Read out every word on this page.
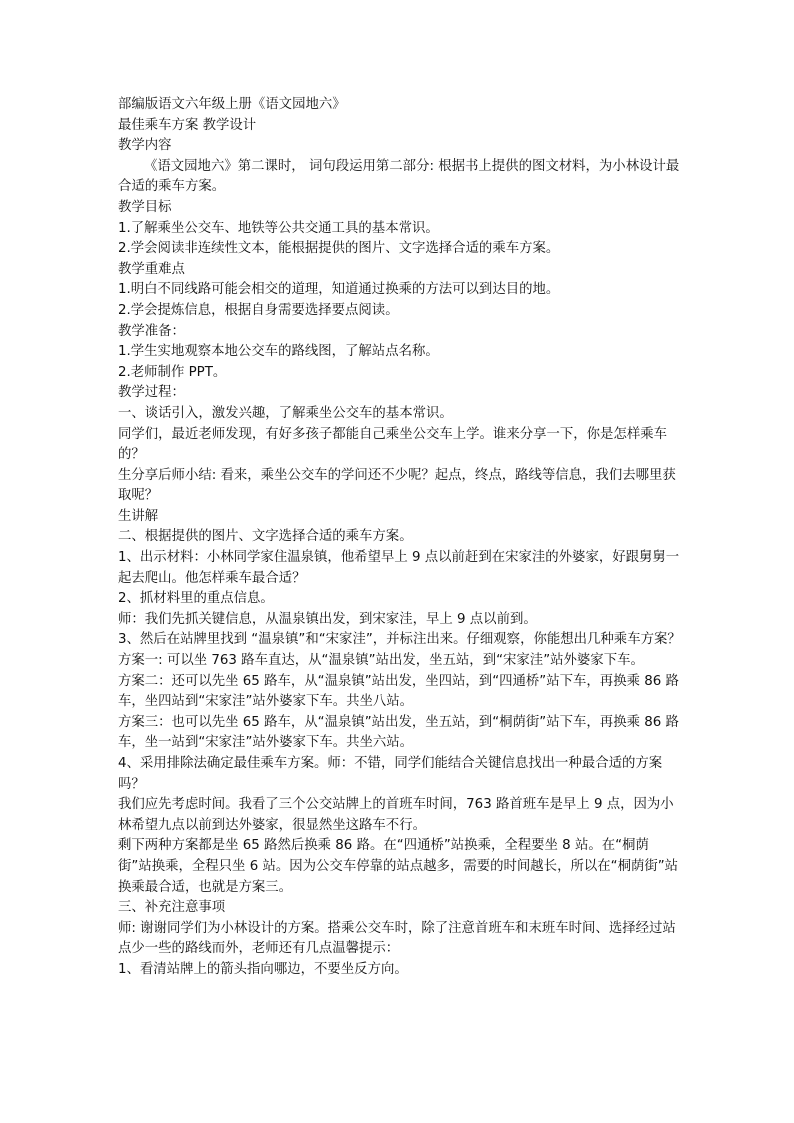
部编版语文六年级上册《语文园地六》

最佳乘车方案 教学设计

教学内容

《语文园地六》第二课时， 词句段运用第二部分: 根据书上提供的图文材料，为小林设计最合适的乘车方案。

教学目标

1.了解乘坐公交车、地铁等公共交通工具的基本常识。

2.学会阅读非连续性文本，能根据提供的图片、文字选择合适的乘车方案。

教学重难点

1.明白不同线路可能会相交的道理，知道通过换乘的方法可以到达目的地。

2.学会提炼信息，根据自身需要选择要点阅读。

教学准备：

1.学生实地观察本地公交车的路线图，了解站点名称。

2.老师制作 PPT。

教学过程：

一、谈话引入，激发兴趣，了解乘坐公交车的基本常识。

同学们，最近老师发现，有好多孩子都能自己乘坐公交车上学。谁来分享一下，你是怎样乘车的？

生分享后师小结: 看来，乘坐公交车的学问还不少呢？起点，终点，路线等信息，我们去哪里获取呢？

生讲解

二、根据提供的图片、文字选择合适的乘车方案。

1、出示材料：小林同学家住温泉镇，他希望早上 9 点以前赶到在宋家洼的外婆家，好跟舅舅一起去爬山。他怎样乘车最合适？

2、抓材料里的重点信息。

师：我们先抓关键信息，从温泉镇出发，到宋家洼，早上 9 点以前到。

3、然后在站牌里找到 “温泉镇”和“宋家洼”，并标注出来。仔细观察，你能想出几种乘车方案？

方案一: 可以坐 763 路车直达，从“温泉镇”站出发，坐五站，到“宋家洼”站外婆家下车。

方案二：还可以先坐 65 路车，从“温泉镇”站出发，坐四站，到“四通桥”站下车，再换乘 86 路车，坐四站到“宋家洼”站外婆家下车。共坐八站。

方案三：也可以先坐 65 路车，从“温泉镇”站出发，坐五站，到“桐荫街”站下车，再换乘 86 路车，坐一站到“宋家洼”站外婆家下车。共坐六站。

4、采用排除法确定最佳乘车方案。师：不错，同学们能结合关键信息找出一种最合适的方案吗？

我们应先考虑时间。我看了三个公交站牌上的首班车时间，763 路首班车是早上 9 点，因为小林希望九点以前到达外婆家，很显然坐这路车不行。

剩下两种方案都是坐 65 路然后换乘 86 路。在“四通桥”站换乘，全程要坐 8 站。在“桐荫街”站换乘，全程只坐 6 站。因为公交车停靠的站点越多，需要的时间越长，所以在“桐荫街”站换乘最合适，也就是方案三。

三、补充注意事项

师: 谢谢同学们为小林设计的方案。搭乘公交车时，除了注意首班车和末班车时间、选择经过站点少一些的路线而外，老师还有几点温馨提示：

1、看清站牌上的箭头指向哪边，不要坐反方向。
